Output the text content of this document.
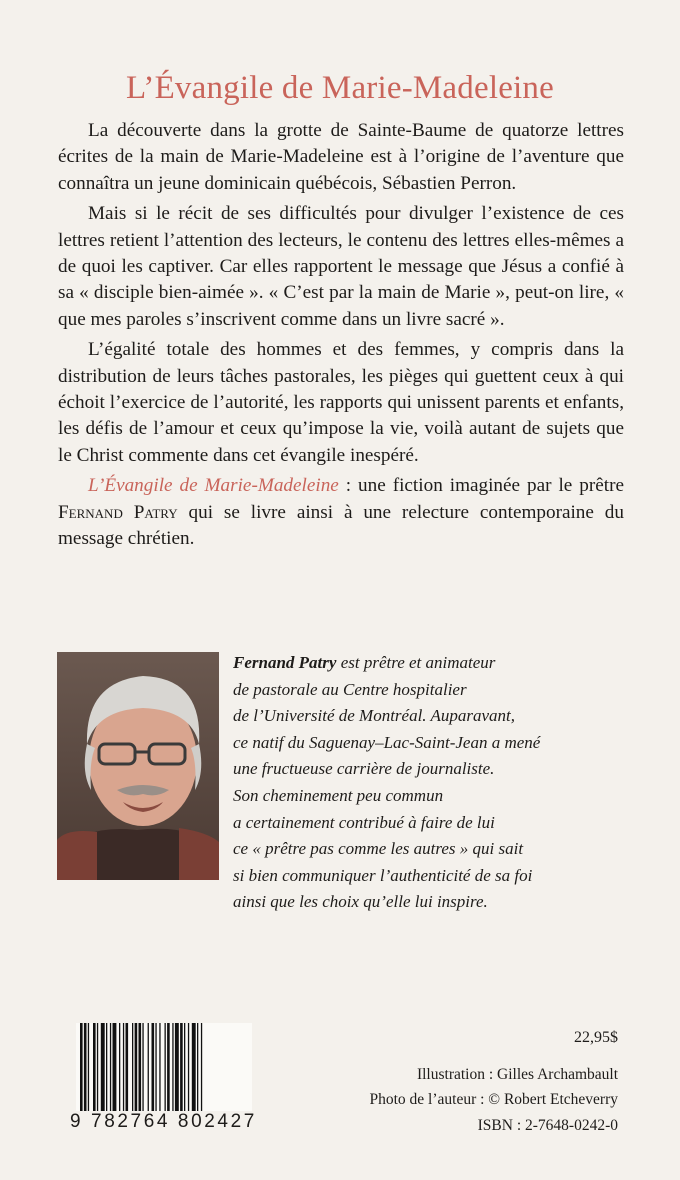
L’Évangile de Marie-Madeleine

La découverte dans la grotte de Sainte-Baume de quatorze lettres écrites de la main de Marie-Madeleine est à l’origine de l’aventure que connaîtra un jeune dominicain québécois, Sébastien Perron.

Mais si le récit de ses difficultés pour divulger l’existence de ces lettres retient l’attention des lecteurs, le contenu des lettres elles-mêmes a de quoi les captiver. Car elles rapportent le message que Jésus a confié à sa « disciple bien-aimée ». « C’est par la main de Marie », peut-on lire, « que mes paroles s’inscrivent comme dans un livre sacré ».

L’égalité totale des hommes et des femmes, y compris dans la distribution de leurs tâches pastorales, les pièges qui guettent ceux à qui échoit l’exercice de l’autorité, les rapports qui unissent parents et enfants, les défis de l’amour et ceux qu’impose la vie, voilà autant de sujets que le Christ commente dans cet évangile inespéré.

L’Évangile de Marie-Madeleine : une fiction imaginée par le prêtre Fernand Patry qui se livre ainsi à une relecture contemporaine du message chrétien.

Fernand Patry est prêtre et animateur
de pastorale au Centre hospitalier
de l’Université de Montréal. Auparavant,
ce natif du Saguenay–Lac-Saint-Jean a mené
une fructueuse carrière de journaliste.
Son cheminement peu commun
a certainement contribué à faire de lui
ce « prêtre pas comme les autres » qui sait
si bien communiquer l’authenticité de sa foi
ainsi que les choix qu’elle lui inspire.
9 782764 802427
22,95$
Illustration : Gilles Archambault
Photo de l’auteur : © Robert Etcheverry
ISBN : 2-7648-0242-0
